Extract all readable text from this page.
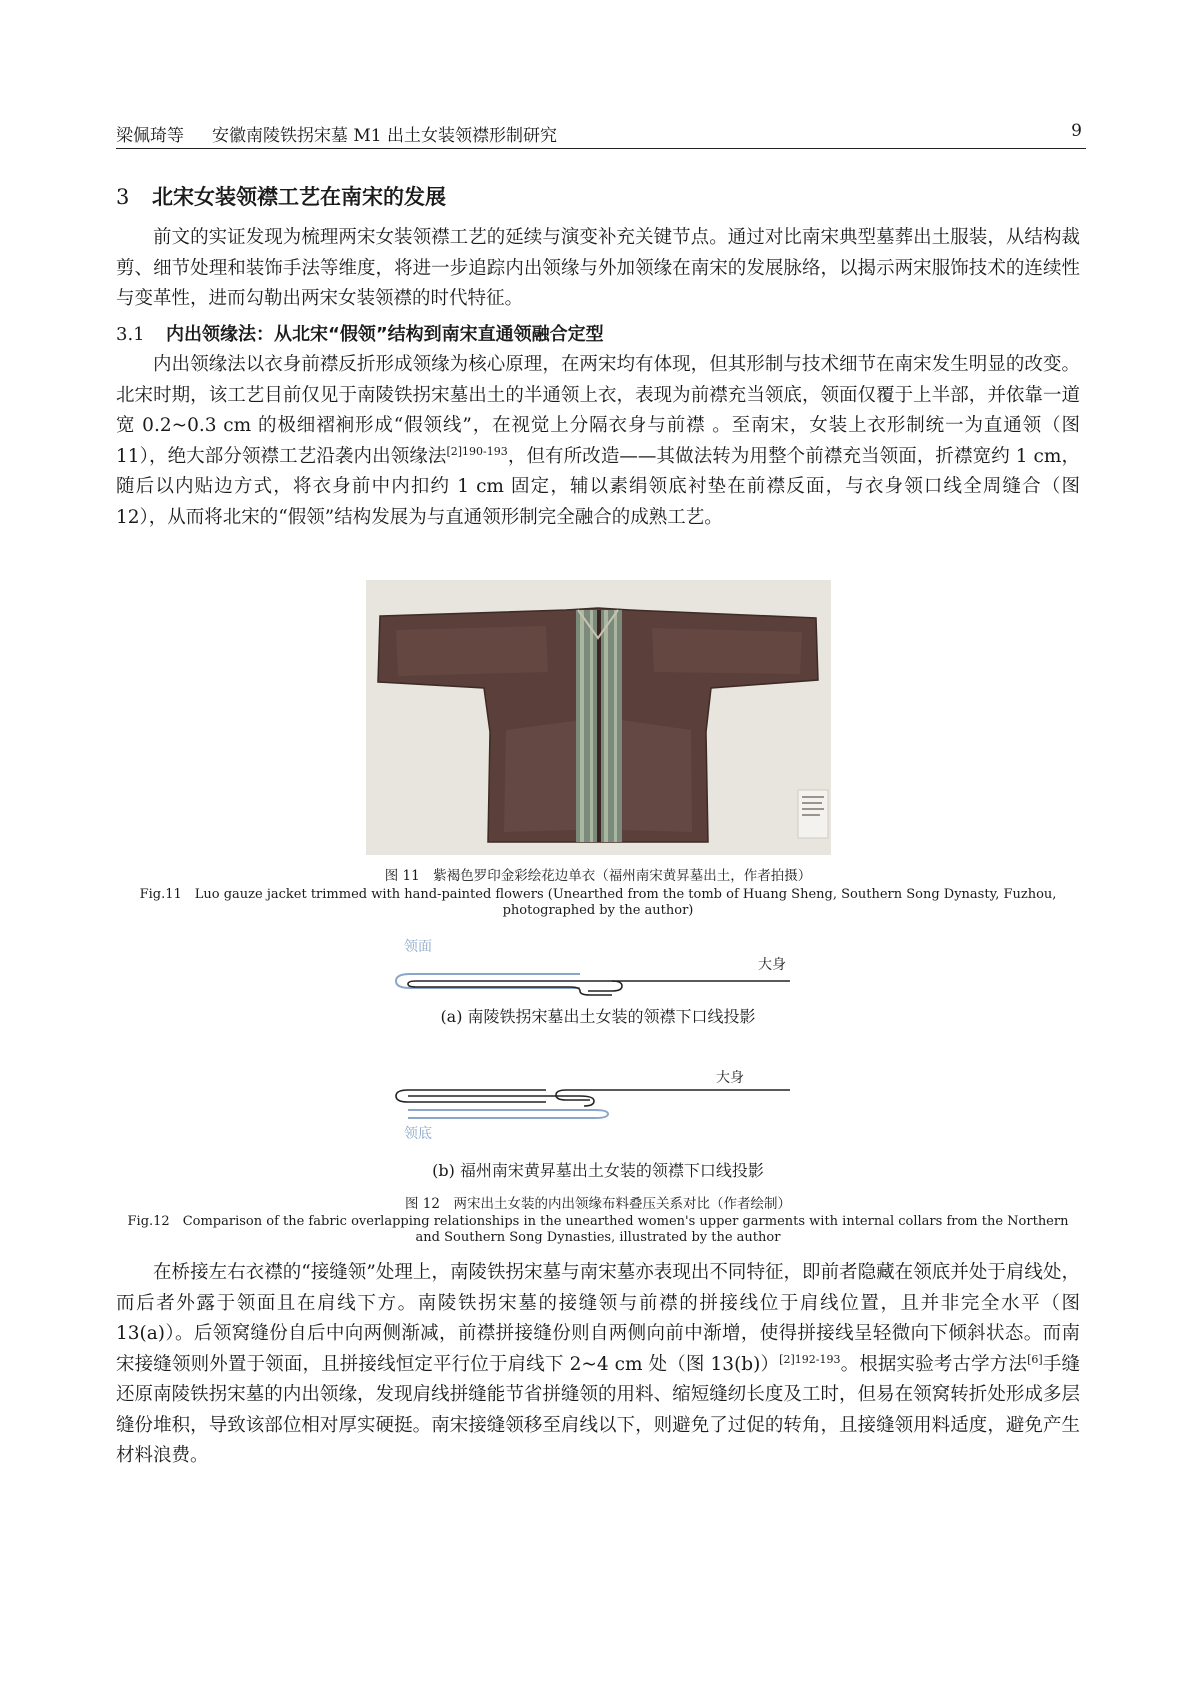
梁佩琦等 安徽南陵铁拐宋墓 M1 出土女装领襟形制研究	9
3 北宋女装领襟工艺在南宋的发展

前文的实证发现为梳理两宋女装领襟工艺的延续与演变补充关键节点。通过对比南宋典型墓葬出土服装，从结构裁剪、细节处理和装饰手法等维度，将进一步追踪内出领缘与外加领缘在南宋的发展脉络，以揭示两宋服饰技术的连续性与变革性，进而勾勒出两宋女装领襟的时代特征。

3.1 内出领缘法：从北宋“假领”结构到南宋直通领融合定型

内出领缘法以衣身前襟反折形成领缘为核心原理，在两宋均有体现，但其形制与技术细节在南宋发生明显的改变。北宋时期，该工艺目前仅见于南陵铁拐宋墓出土的半通领上衣，表现为前襟充当领底，领面仅覆于上半部，并依靠一道宽 0.2~0.3 cm 的极细褶裥形成“假领线”，在视觉上分隔衣身与前襟 。至南宋，女装上衣形制统一为直通领（图 11），绝大部分领襟工艺沿袭内出领缘法$^{[2]190-193}$，但有所改造——其做法转为用整个前襟充当领面，折襟宽约 1 cm，随后以内贴边方式，将衣身前中内扣约 1 cm 固定，辅以素绢领底衬垫在前襟反面，与衣身领口线全周缝合（图 12），从而将北宋的“假领”结构发展为与直通领形制完全融合的成熟工艺。

图 11　紫褐色罗印金彩绘花边单衣（福州南宋黄昇墓出土，作者拍摄）
Fig.11　Luo gauze jacket trimmed with hand-painted flowers (Unearthed from the tomb of Huang Sheng, Southern Song Dynasty, Fuzhou, photographed by the author)
领面
大身
(a) 南陵铁拐宋墓出土女装的领襟下口线投影
大身
领底
(b) 福州南宋黄昇墓出土女装的领襟下口线投影
图 12　两宋出土女装的内出领缘布料叠压关系对比（作者绘制）
Fig.12　Comparison of the fabric overlapping relationships in the unearthed women's upper garments with internal collars from the Northern and Southern Song Dynasties, illustrated by the author

在桥接左右衣襟的“接缝领”处理上，南陵铁拐宋墓与南宋墓亦表现出不同特征，即前者隐藏在领底并处于肩线处，而后者外露于领面且在肩线下方。南陵铁拐宋墓的接缝领与前襟的拼接线位于肩线位置，且并非完全水平（图 13(a)）。后领窝缝份自后中向两侧渐减，前襟拼接缝份则自两侧向前中渐增，使得拼接线呈轻微向下倾斜状态。而南宋接缝领则外置于领面，且拼接线恒定平行位于肩线下 2~4 cm 处（图 13(b)）$^{[2]192-193}$。根据实验考古学方法[6]手缝还原南陵铁拐宋墓的内出领缘，发现肩线拼缝能节省拼缝领的用料、缩短缝纫长度及工时，但易在领窝转折处形成多层缝份堆积，导致该部位相对厚实硬挺。南宋接缝领移至肩线以下，则避免了过促的转角，且接缝领用料适度，避免产生材料浪费。
